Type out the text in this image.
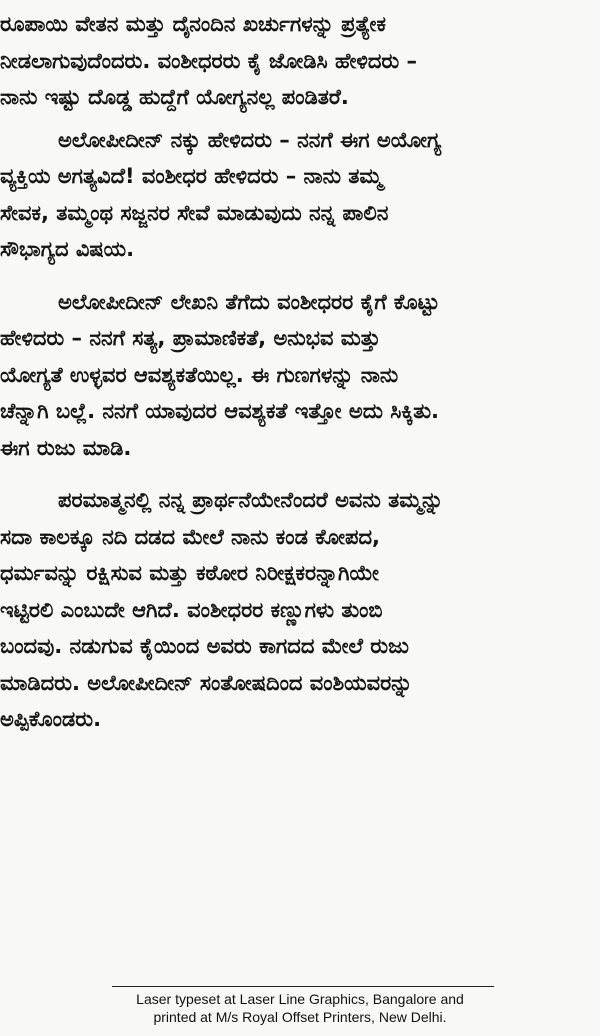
ರೂಪಾಯಿ ವೇತನ ಮತ್ತು ದೈನಂದಿನ ಖರ್ಚುಗಳನ್ನು ಪ್ರತ್ಯೇಕ
ನೀಡಲಾಗುವುದೆಂದರು. ವಂಶೀಧರರು ಕೈ ಜೋಡಿಸಿ ಹೇಳಿದರು –
ನಾನು ಇಷ್ಟು ದೊಡ್ಡ ಹುದ್ದೆಗೆ ಯೋಗ್ಯನಲ್ಲ ಪಂಡಿತರೆ.
ಅಲೋಪೀದೀನ್ ನಕ್ಕು ಹೇಳಿದರು – ನನಗೆ ಈಗ ಅಯೋಗ್ಯ
ವ್ಯಕ್ತಿಯ ಅಗತ್ಯವಿದೆ! ವಂಶೀಧರ ಹೇಳಿದರು – ನಾನು ತಮ್ಮ
ಸೇವಕ, ತಮ್ಮಂಥ ಸಜ್ಜನರ ಸೇವೆ ಮಾಡುವುದು ನನ್ನ ಪಾಲಿನ
ಸೌಭಾಗ್ಯದ ವಿಷಯ.
ಅಲೋಪೀದೀನ್ ಲೇಖನಿ ತೆಗೆದು ವಂಶೀಧರರ ಕೈಗೆ ಕೊಟ್ಟು
ಹೇಳಿದರು – ನನಗೆ ಸತ್ಯ, ಪ್ರಾಮಾಣಿಕತೆ, ಅನುಭವ ಮತ್ತು
ಯೋಗ್ಯತೆ ಉಳ್ಳವರ ಆವಶ್ಯಕತೆಯಿಲ್ಲ. ಈ ಗುಣಗಳನ್ನು ನಾನು
ಚೆನ್ನಾಗಿ ಬಲ್ಲೆ. ನನಗೆ ಯಾವುದರ ಆವಶ್ಯಕತೆ ಇತ್ತೋ ಅದು ಸಿಕ್ಕಿತು.
ಈಗ ರುಜು ಮಾಡಿ.
ಪರಮಾತ್ಮನಲ್ಲಿ ನನ್ನ ಪ್ರಾರ್ಥನೆಯೇನೆಂದರೆ ಅವನು ತಮ್ಮನ್ನು
ಸದಾ ಕಾಲಕ್ಕೂ ನದಿ ದಡದ ಮೇಲೆ ನಾನು ಕಂಡ ಕೋಪದ,
ಧರ್ಮವನ್ನು ರಕ್ಷಿಸುವ ಮತ್ತು ಕಠೋರ ನಿರೀಕ್ಷಕರನ್ನಾಗಿಯೇ
ಇಟ್ಟಿರಲಿ ಎಂಬುದೇ ಆಗಿದೆ. ವಂಶೀಧರರ ಕಣ್ಣುಗಳು ತುಂಬಿ
ಬಂದವು. ನಡುಗುವ ಕೈಯಿಂದ ಅವರು ಕಾಗದದ ಮೇಲೆ ರುಜು
ಮಾಡಿದರು. ಅಲೋಪೀದೀನ್ ಸಂತೋಷದಿಂದ ವಂಶಿಯವರನ್ನು
ಅಪ್ಪಿಕೊಂಡರು.
Laser typeset at Laser Line Graphics, Bangalore and
printed at M/s Royal Offset Printers, New Delhi.
